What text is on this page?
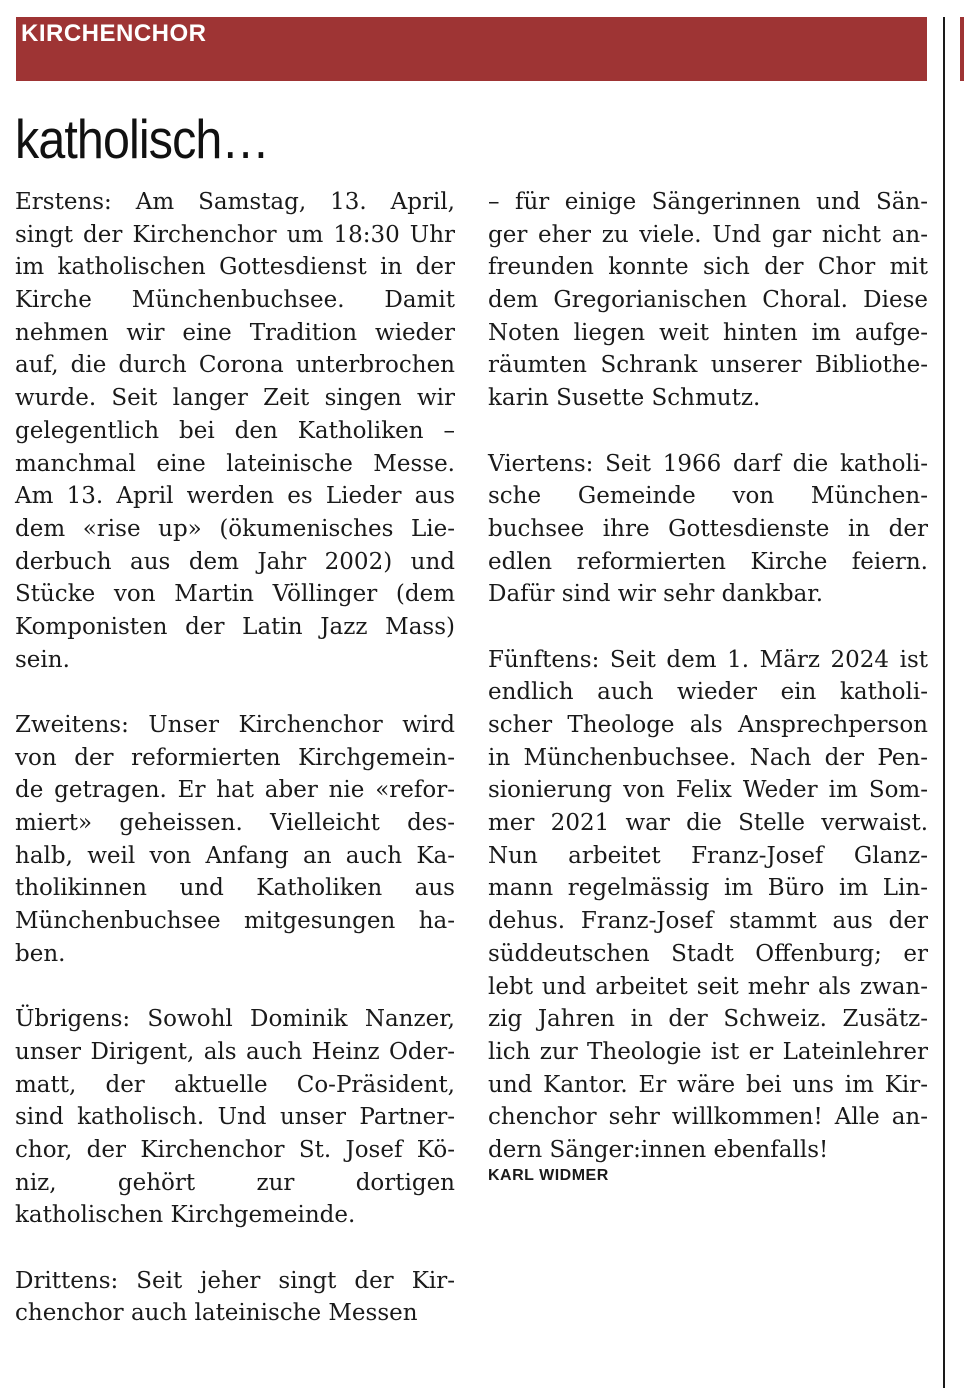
KIRCHENCHOR
katholisch…
Erstens: Am Samstag, 13. April,
singt der Kirchenchor um 18:30 Uhr
im katholischen Gottesdienst in der
Kirche Münchenbuchsee. Damit
nehmen wir eine Tradition wieder
auf, die durch Corona unterbrochen
wurde. Seit langer Zeit singen wir
gelegentlich bei den Katholiken –
manchmal eine lateinische Messe.
Am 13. April werden es Lieder aus
dem «rise up» (ökumenisches Lie-
derbuch aus dem Jahr 2002) und
Stücke von Martin Völlinger (dem
Komponisten der Latin Jazz Mass)
sein.
Zweitens: Unser Kirchenchor wird
von der reformierten Kirchgemein-
de getragen. Er hat aber nie «refor-
miert» geheissen. Vielleicht des-
halb, weil von Anfang an auch Ka-
tholikinnen und Katholiken aus
Münchenbuchsee mitgesungen ha-
ben.
Übrigens: Sowohl Dominik Nanzer,
unser Dirigent, als auch Heinz Oder-
matt, der aktuelle Co-Präsident,
sind katholisch. Und unser Partner-
chor, der Kirchenchor St. Josef Kö-
niz, gehört zur dortigen
katholischen Kirchgemeinde.
Drittens: Seit jeher singt der Kir-
chenchor auch lateinische Messen
– für einige Sängerinnen und Sän-
ger eher zu viele. Und gar nicht an-
freunden konnte sich der Chor mit
dem Gregorianischen Choral. Diese
Noten liegen weit hinten im aufge-
räumten Schrank unserer Bibliothe-
karin Susette Schmutz.
Viertens: Seit 1966 darf die katholi-
sche Gemeinde von München-
buchsee ihre Gottesdienste in der
edlen reformierten Kirche feiern.
Dafür sind wir sehr dankbar.
Fünftens: Seit dem 1. März 2024 ist
endlich auch wieder ein katholi-
scher Theologe als Ansprechperson
in Münchenbuchsee. Nach der Pen-
sionierung von Felix Weder im Som-
mer 2021 war die Stelle verwaist.
Nun arbeitet Franz-Josef Glanz-
mann regelmässig im Büro im Lin-
dehus. Franz-Josef stammt aus der
süddeutschen Stadt Offenburg; er
lebt und arbeitet seit mehr als zwan-
zig Jahren in der Schweiz. Zusätz-
lich zur Theologie ist er Lateinlehrer
und Kantor. Er wäre bei uns im Kir-
chenchor sehr willkommen! Alle an-
dern Sänger:innen ebenfalls!
KARL WIDMER
